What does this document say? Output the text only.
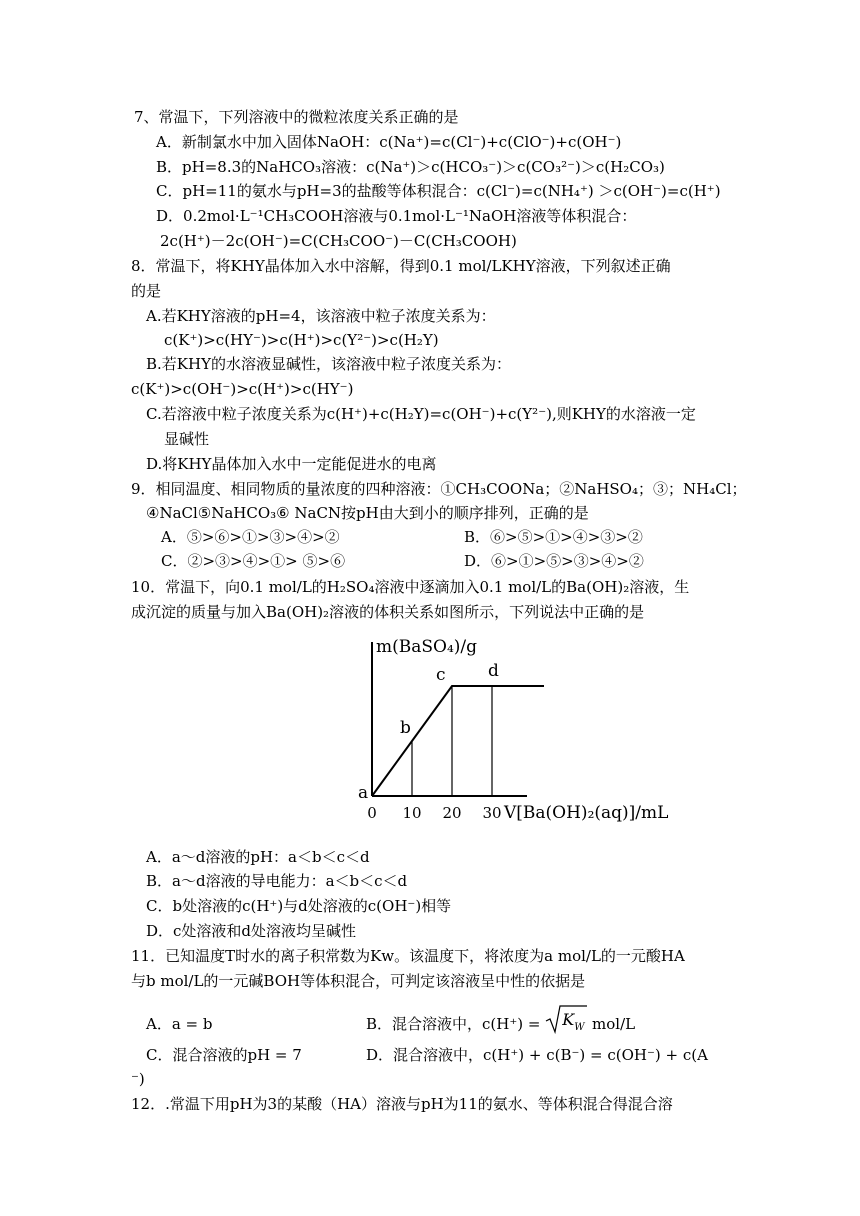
7、常温下，下列溶液中的微粒浓度关系正确的是
A．新制氯水中加入固体NaOH：c(Na⁺)=c(Cl⁻)+c(ClO⁻)+c(OH⁻)
B．pH=8.3的NaHCO₃溶液：c(Na⁺)＞c(HCO₃⁻)＞c(CO₃²⁻)＞c(H₂CO₃)
C．pH=11的氨水与pH=3的盐酸等体积混合：c(Cl⁻)=c(NH₄⁺) ＞c(OH⁻)=c(H⁺)
D．0.2mol·L⁻¹CH₃COOH溶液与0.1mol·L⁻¹NaOH溶液等体积混合：
2c(H⁺)－2c(OH⁻)=C(CH₃COO⁻)－C(CH₃COOH)
8．常温下，将KHY晶体加入水中溶解，得到0.1 mol/LKHY溶液，下列叙述正确
的是
A.若KHY溶液的pH=4，该溶液中粒子浓度关系为：
c(K⁺)>c(HY⁻)>c(H⁺)>c(Y²⁻)>c(H₂Y)
B.若KHY的水溶液显碱性，该溶液中粒子浓度关系为：
c(K⁺)>c(OH⁻)>c(H⁺)>c(HY⁻)
C.若溶液中粒子浓度关系为c(H⁺)+c(H₂Y)=c(OH⁻)+c(Y²⁻),则KHY的水溶液一定
显碱性
D.将KHY晶体加入水中一定能促进水的电离
9．相同温度、相同物质的量浓度的四种溶液：①CH₃COONa；②NaHSO₄；③；NH₄Cl；
④NaCl⑤NaHCO₃⑥ NaCN按pH由大到小的顺序排列，正确的是
A．⑤>⑥>①>③>④>②	B．⑥>⑤>①>④>③>②
C．②>③>④>①> ⑤>⑥	D．⑥>①>⑤>③>④>②
10．常温下，向0.1 mol/L的H₂SO₄溶液中逐滴加入0.1 mol/L的Ba(OH)₂溶液，生
成沉淀的质量与加入Ba(OH)₂溶液的体积关系如图所示，下列说法中正确的是
m(BaSO₄)/g
V[Ba(OH)₂(aq)]/mL
0 10 20 30
a
b
c d
A．a～d溶液的pH：a＜b＜c＜d
B．a～d溶液的导电能力：a＜b＜c＜d
C．b处溶液的c(H⁺)与d处溶液的c(OH⁻)相等
D．c处溶液和d处溶液均呈碱性
11．已知温度T时水的离子积常数为Kw。该温度下，将浓度为a mol/L的一元酸HA
与b mol/L的一元碱BOH等体积混合，可判定该溶液呈中性的依据是
A．a = b	B．混合溶液中，c(H⁺) = K W mol/L
C．混合溶液的pH = 7	D．混合溶液中，c(H⁺) + c(B⁻) = c(OH⁻) + c(A
⁻)
12．.常温下用pH为3的某酸（HA）溶液与pH为11的氨水、等体积混合得混合溶
